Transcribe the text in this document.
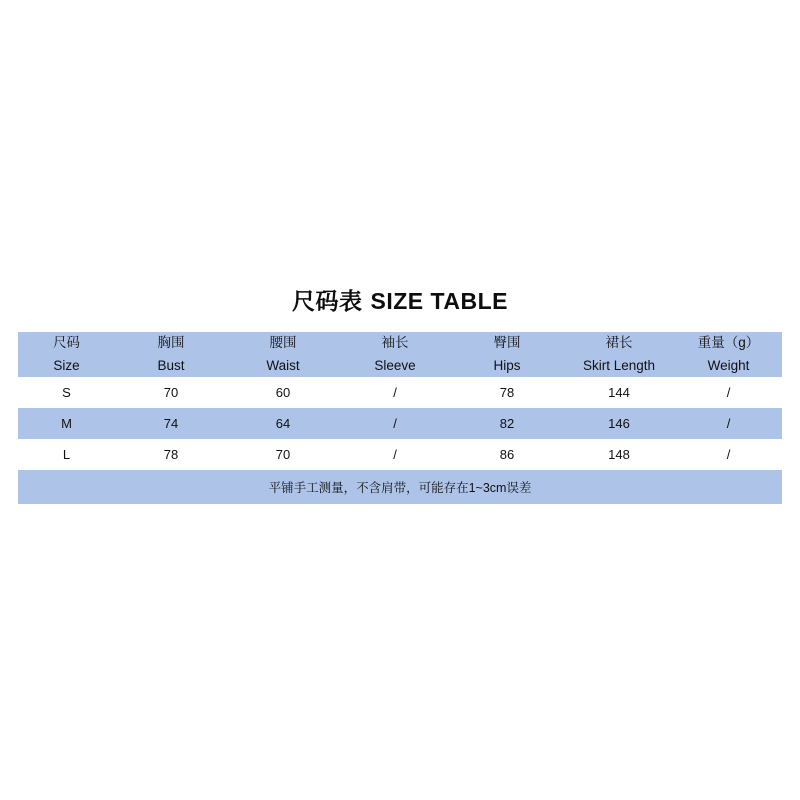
尺码表 SIZE TABLE
尺码	胸围	腰围	袖长	臀围	裙长	重量（g）
Size	Bust	Waist	Sleeve	Hips	Skirt Length	Weight
S	70	60	/	78	144	/
M	74	64	/	82	146	/
L	78	70	/	86	148	/
平铺手工测量，不含肩带，可能存在1~3cm误差						
